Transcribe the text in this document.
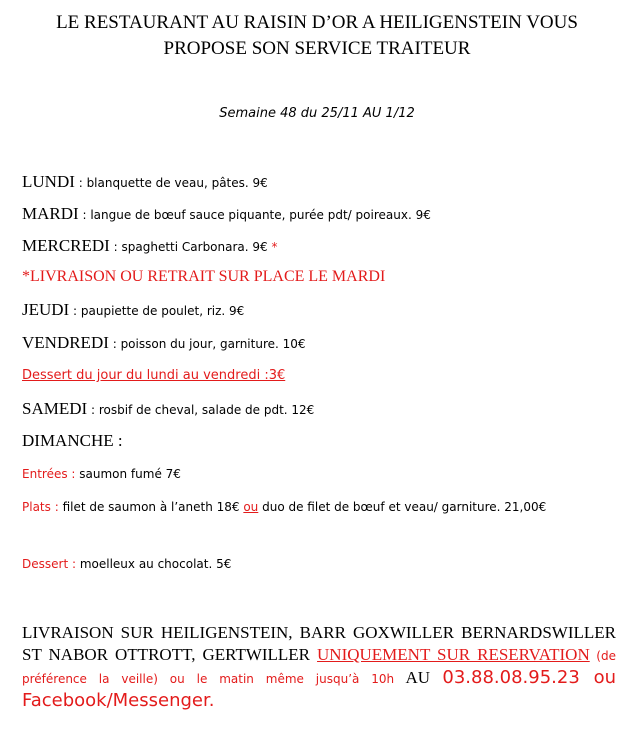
LE RESTAURANT AU RAISIN D’OR A HEILIGENSTEIN VOUS
PROPOSE SON SERVICE TRAITEUR
Semaine 48 du 25/11 AU 1/12
LUNDI : blanquette de veau, pâtes. 9€
MARDI : langue de bœuf sauce piquante, purée pdt/ poireaux. 9€
MERCREDI : spaghetti Carbonara. 9€ *
*LIVRAISON OU RETRAIT SUR PLACE LE MARDI
JEUDI : paupiette de poulet, riz. 9€
VENDREDI : poisson du jour, garniture. 10€
Dessert du jour du lundi au vendredi :3€
SAMEDI : rosbif de cheval, salade de pdt. 12€
DIMANCHE :
Entrées : saumon fumé 7€
Plats : filet de saumon à l’aneth 18€ ou duo de filet de bœuf et veau/ garniture. 21,00€
Dessert : moelleux au chocolat. 5€
LIVRAISON SUR HEILIGENSTEIN, BARR GOXWILLER BERNARDSWILLER ST NABOR OTTROTT, GERTWILLER UNIQUEMENT SUR RESERVATION (de préférence la veille) ou le matin même jusqu’à 10h AU 03.88.08.95.23 ou Facebook/Messenger.
